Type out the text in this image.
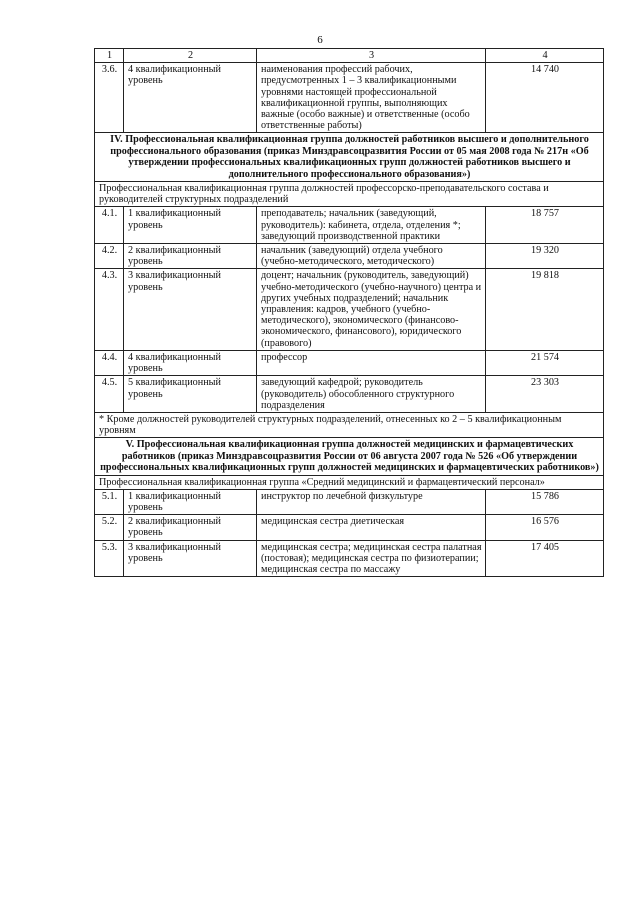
6
1	2	3	4
3.6.	4 квалификационный уровень	наименования профессий рабочих, предусмотренных 1 – 3 квалификационными уровнями настоящей профессиональной квалификационной группы, выполняющих важные (особо важные) и ответственные (особо ответственные работы)	14 740
IV. Профессиональная квалификационная группа должностей работников высшего и дополнительного профессионального образования (приказ Минздравсоцразвития России от 05 мая 2008 года № 217н «Об утверждении профессиональных квалификационных групп должностей работников высшего и дополнительного профессионального образования»)			
Профессиональная квалификационная группа должностей профессорско-преподавательского состава и руководителей структурных подразделений			
4.1.	1 квалификационный уровень	преподаватель; начальник (заведующий, руководитель): кабинета, отдела, отделения *; заведующий производственной практики	18 757
4.2.	2 квалификационный уровень	начальник (заведующий) отдела учебного (учебно-методического, методического)	19 320
4.3.	3 квалификационный уровень	доцент; начальник (руководитель, заведующий) учебно-методического (учебно-научного) центра и других учебных подразделений; начальник управления: кадров, учебного (учебно-методического), экономического (финансово-экономического, финансового), юридического (правового)	19 818
4.4.	4 квалификационный уровень	профессор	21 574
4.5.	5 квалификационный уровень	заведующий кафедрой; руководитель (руководитель) обособленного структурного подразделения	23 303
* Кроме должностей руководителей структурных подразделений, отнесенных ко 2 – 5 квалификационным уровням			
V. Профессиональная квалификационная группа должностей медицинских и фармацевтических работников (приказ Минздравсоцразвития России от 06 августа 2007 года № 526 «Об утверждении профессиональных квалификационных групп должностей медицинских и фармацевтических работников»)			
Профессиональная квалификационная группа «Средний медицинский и фармацевтический персонал»			
5.1.	1 квалификационный уровень	инструктор по лечебной физкультуре	15 786
5.2.	2 квалификационный уровень	медицинская сестра диетическая	16 576
5.3.	3 квалификационный уровень	медицинская сестра; медицинская сестра палатная (постовая); медицинская сестра по физиотерапии; медицинская сестра по массажу	17 405
